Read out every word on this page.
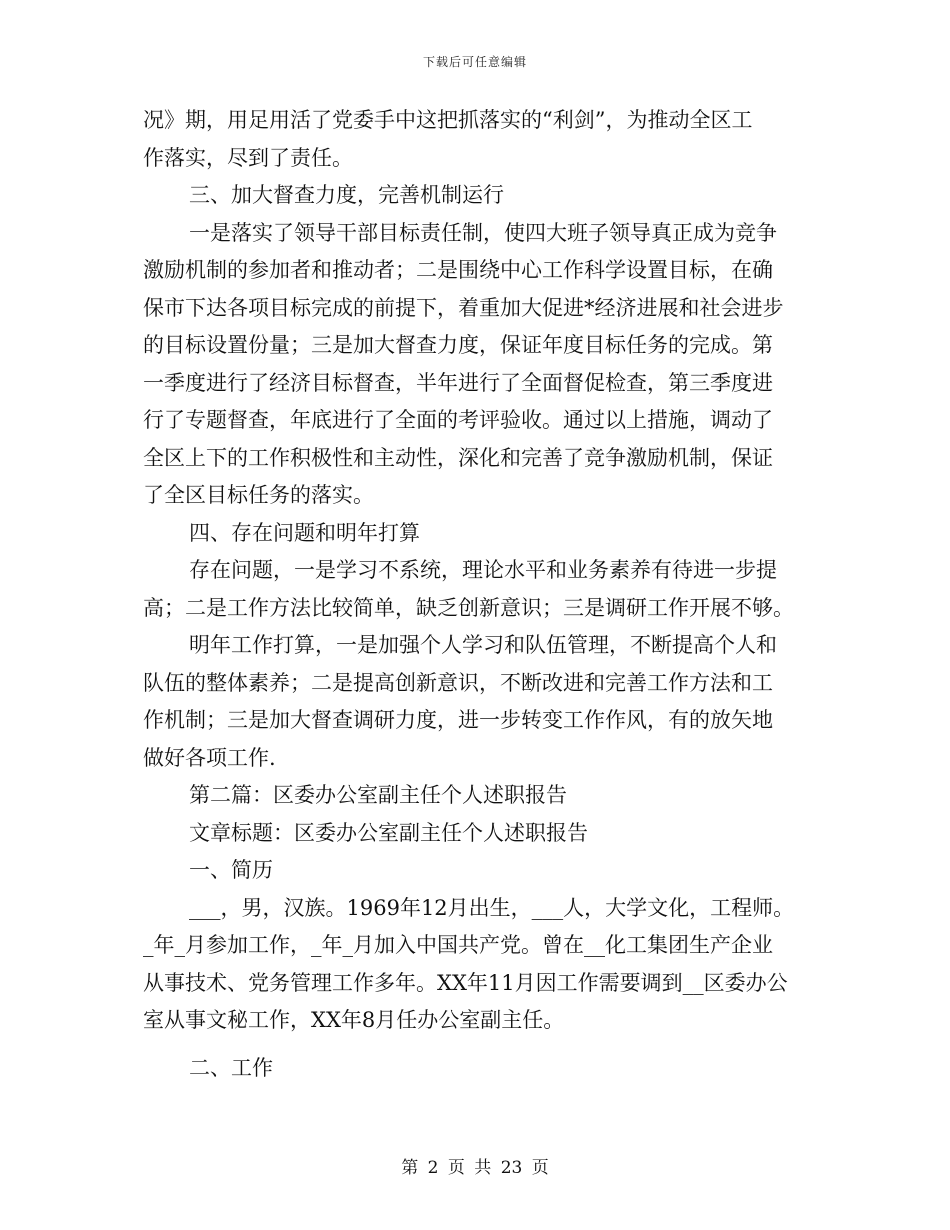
下载后可任意编辑
况》期，用足用活了党委手中这把抓落实的“利剑”，为推动全区工
作落实，尽到了责任。
三、加大督查力度，完善机制运行
一是落实了领导干部目标责任制，使四大班子领导真正成为竞争
激励机制的参加者和推动者；二是围绕中心工作科学设置目标，在确
保市下达各项目标完成的前提下，着重加大促进*经济进展和社会进步
的目标设置份量；三是加大督查力度，保证年度目标任务的完成。第
一季度进行了经济目标督查，半年进行了全面督促检查，第三季度进
行了专题督查，年底进行了全面的考评验收。通过以上措施，调动了
全区上下的工作积极性和主动性，深化和完善了竞争激励机制，保证
了全区目标任务的落实。
四、存在问题和明年打算
存在问题，一是学习不系统，理论水平和业务素养有待进一步提
高；二是工作方法比较简单，缺乏创新意识；三是调研工作开展不够。
明年工作打算，一是加强个人学习和队伍管理，不断提高个人和
队伍的整体素养；二是提高创新意识，不断改进和完善工作方法和工
作机制；三是加大督查调研力度，进一步转变工作作风，有的放矢地
做好各项工作.
第二篇：区委办公室副主任个人述职报告
文章标题：区委办公室副主任个人述职报告
一、简历
___，男，汉族。1969年12月出生，___人，大学文化，工程师。
_年_月参加工作，_年_月加入中国共产党。曾在__化工集团生产企业
从事技术、党务管理工作多年。XX年11月因工作需要调到__区委办公
室从事文秘工作，XX年8月任办公室副主任。
二、工作
第 2 页 共 23 页
